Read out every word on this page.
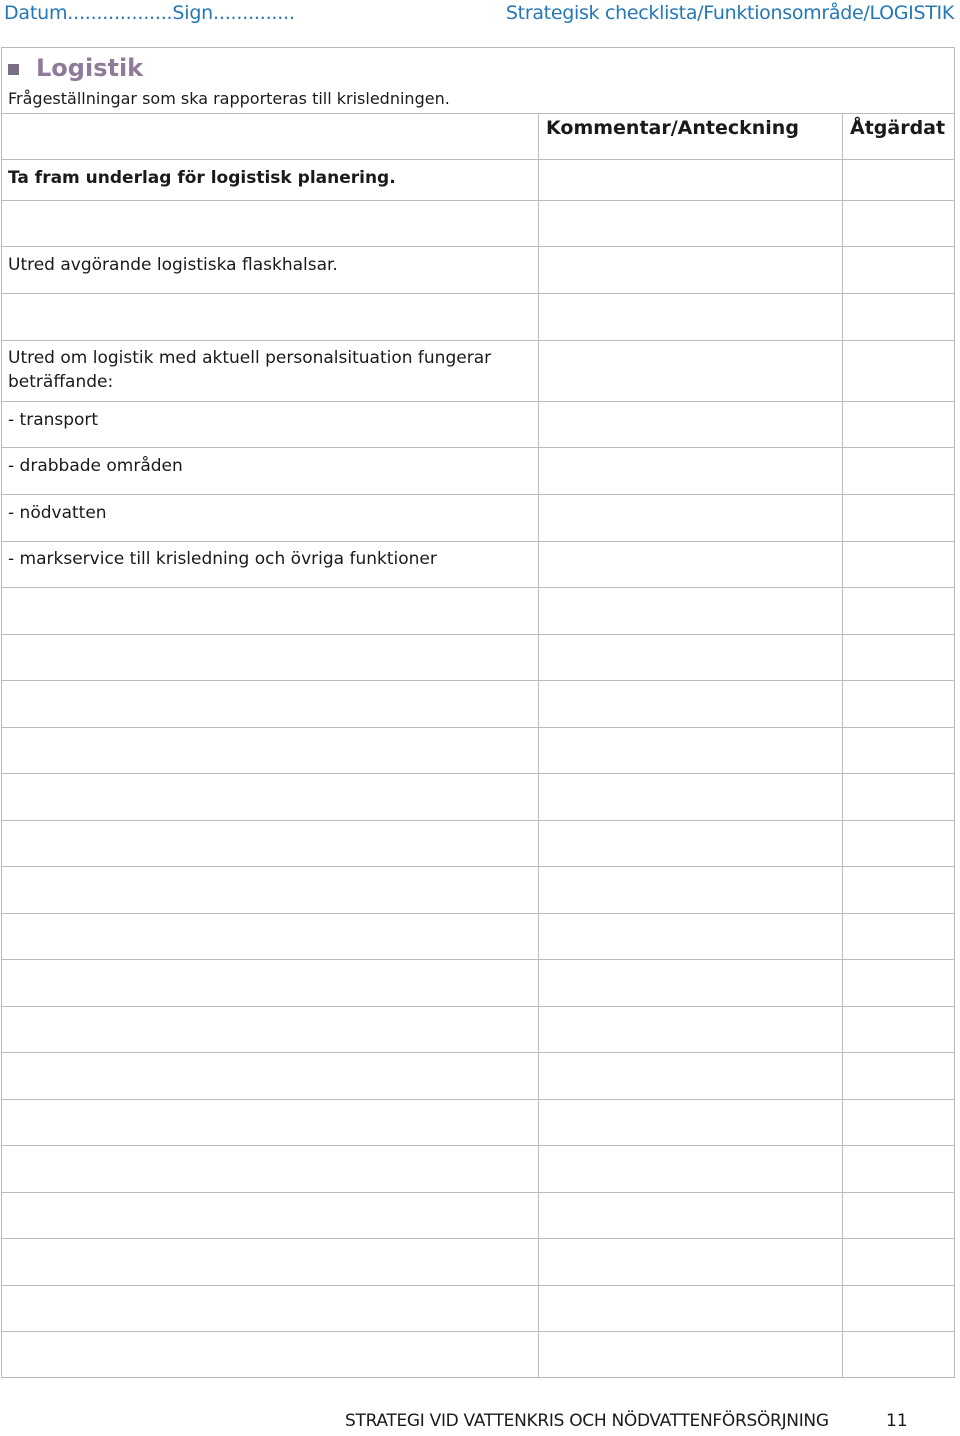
Datum..................Sign..............	Strategisk checklista/Funktionsområde/LOGISTIK
Logistik
Frågeställningar som ska rapporteras till krisledningen.
Kommentar/Anteckning	Åtgärdat
Ta fram underlag för logistisk planering.
Utred avgörande logistiska flaskhalsar.
Utred om logistik med aktuell personalsituation fungerar beträffande:
- transport
- drabbade områden
- nödvatten
- markservice till krisledning och övriga funktioner
STRATEGI VID VATTENKRIS OCH NÖDVATTENFÖRSÖRJNING	11
